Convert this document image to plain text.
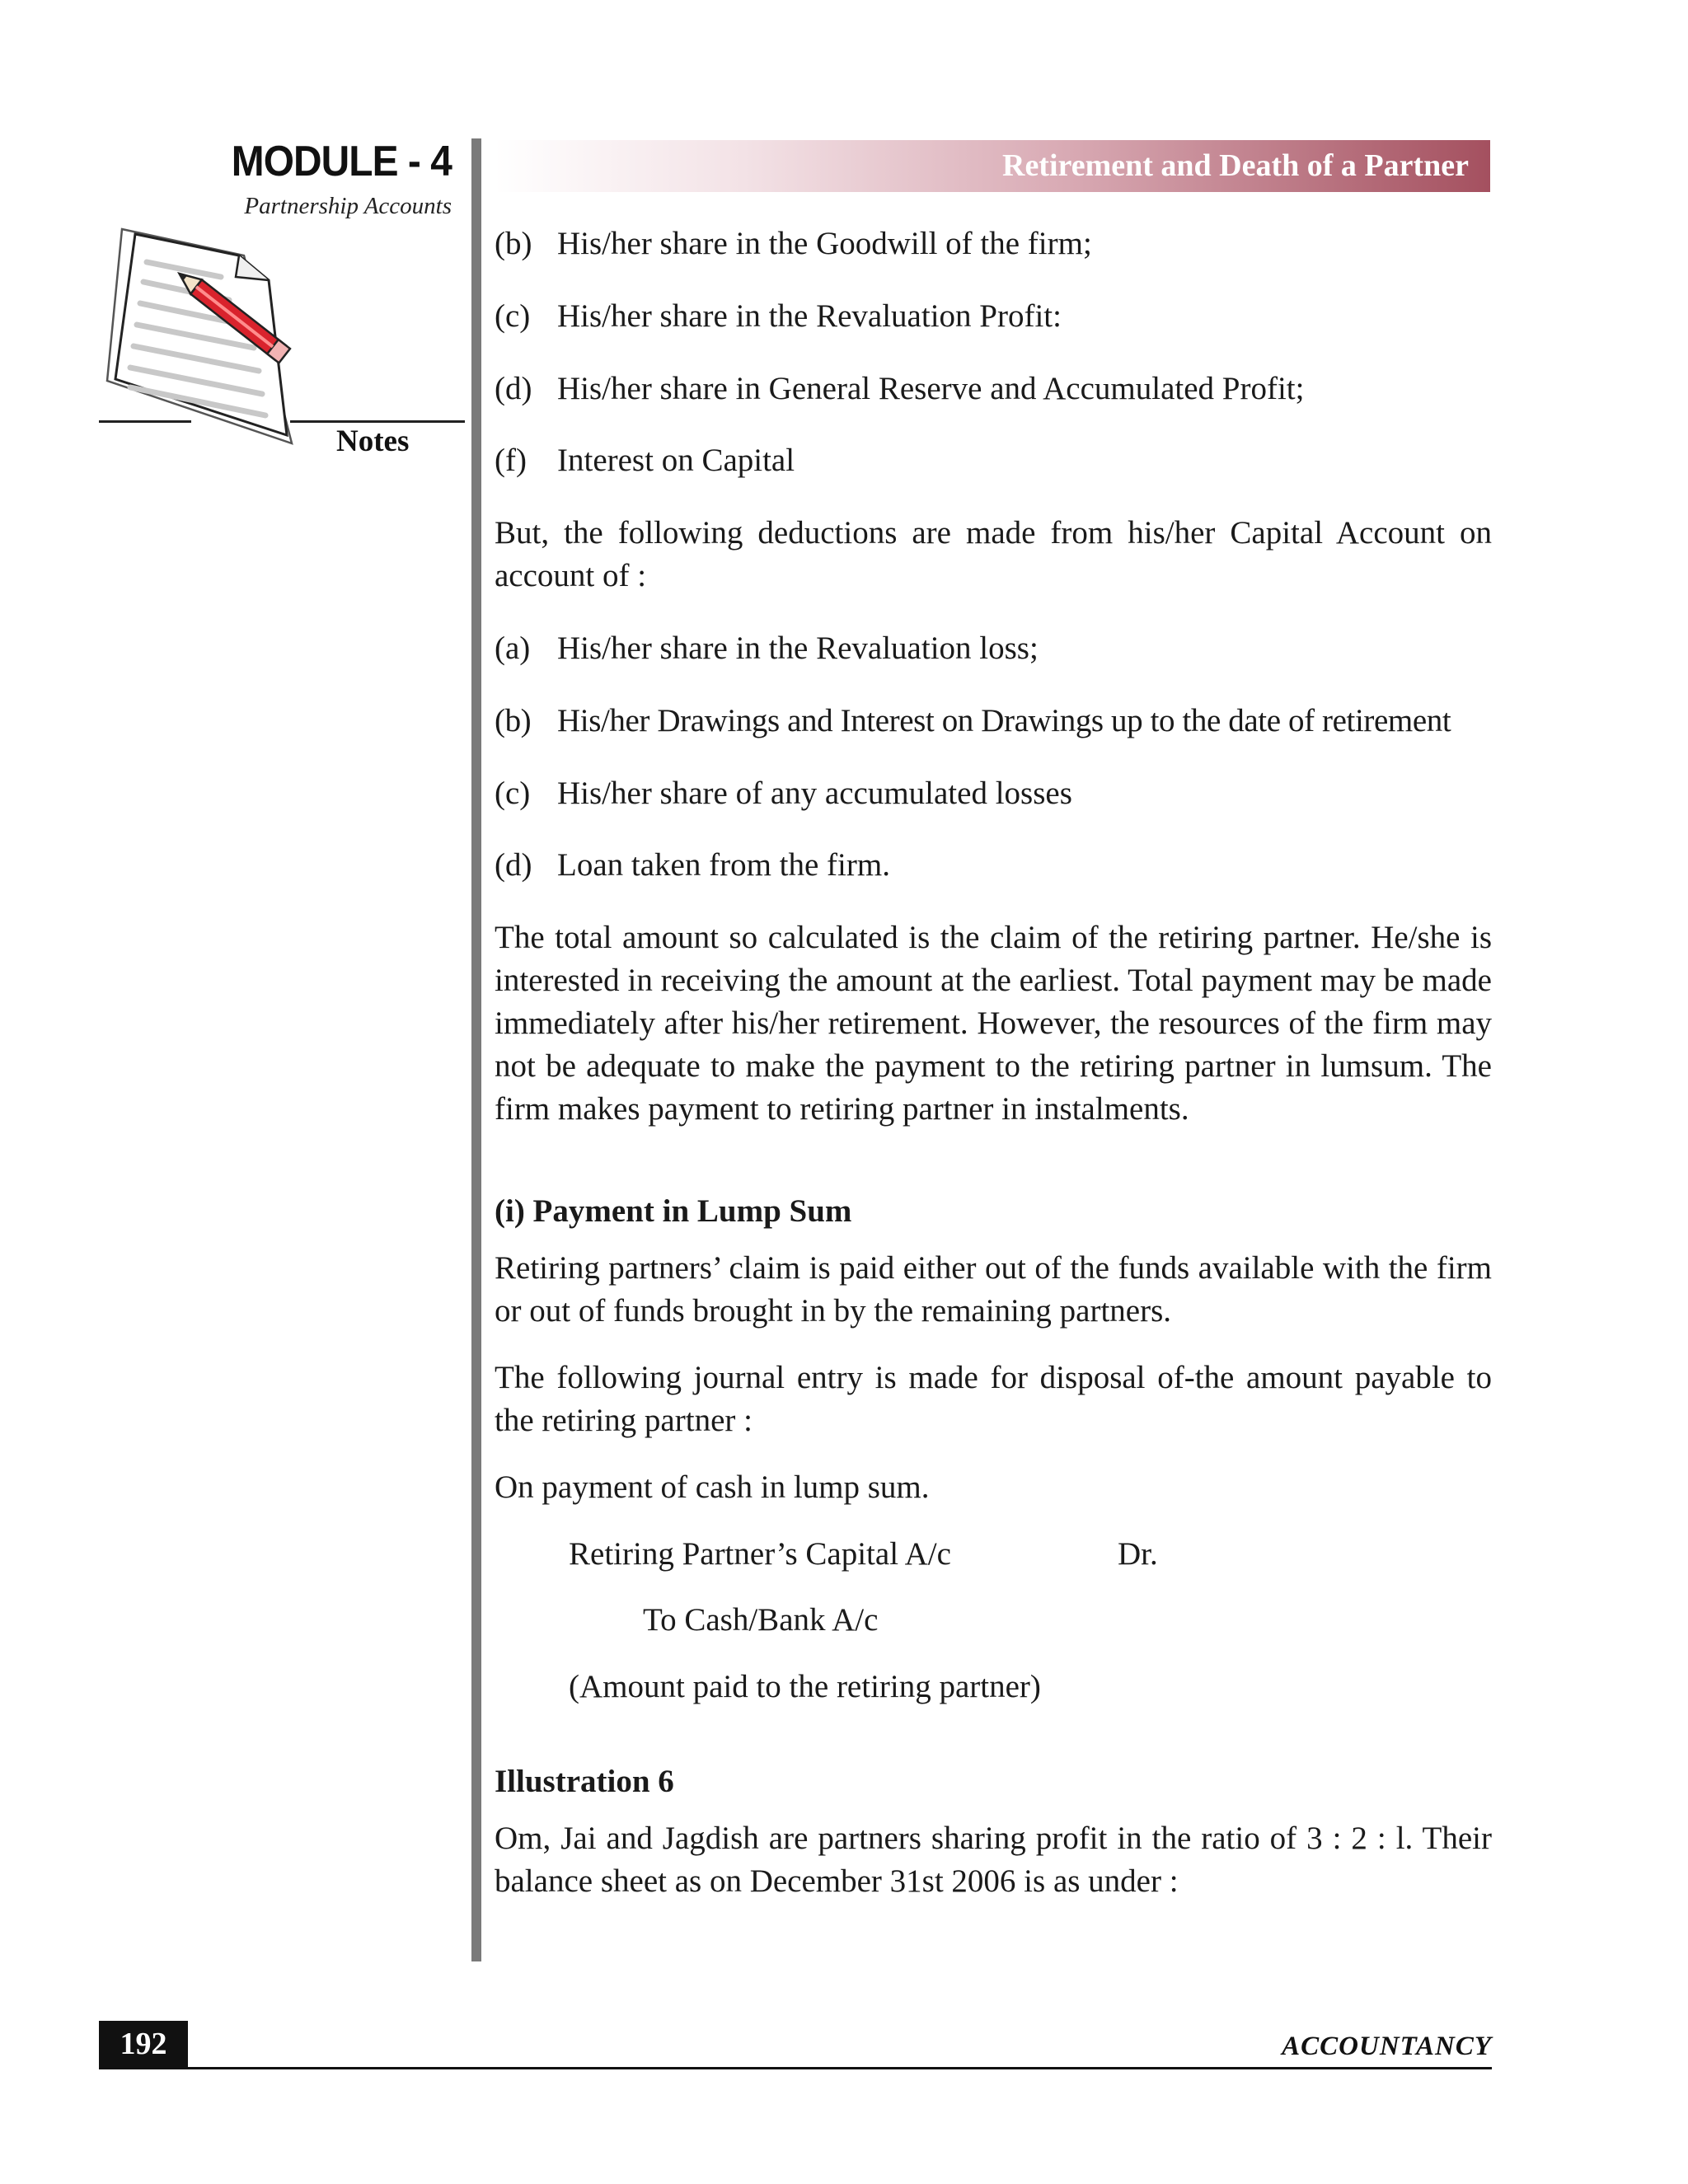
MODULE - 4
Partnership Accounts
Notes
Retirement and Death of a Partner
(b) His/her share in the Goodwill of the firm;
(c) His/her share in the Revaluation Profit:
(d) His/her share in General Reserve and Accumulated Profit;
(f) Interest on Capital
But, the following deductions are made from his/her Capital Account on account of :
(a) His/her share in the Revaluation loss;
(b) His/her Drawings and Interest on Drawings up to the date of retirement
(c) His/her share of any accumulated losses
(d) Loan taken from the firm.
The total amount so calculated is the claim of the retiring partner. He/she is interested in receiving the amount at the earliest. Total payment may be made immediately after his/her retirement. However, the resources of the firm may not be adequate to make the payment to the retiring partner in lumsum. The firm makes payment to retiring partner in instalments.
(i) Payment in Lump Sum
Retiring partners’ claim is paid either out of the funds available with the firm or out of funds brought in by the remaining partners.
The following journal entry is made for disposal of-the amount payable to the retiring partner :
On payment of cash in lump sum.
Retiring Partner’s Capital A/c	Dr.
To Cash/Bank A/c
(Amount paid to the retiring partner)
Illustration 6
Om, Jai and Jagdish are partners sharing profit in the ratio of 3 : 2 : l. Their balance sheet as on December 31st 2006 is as under :
192	ACCOUNTANCY
